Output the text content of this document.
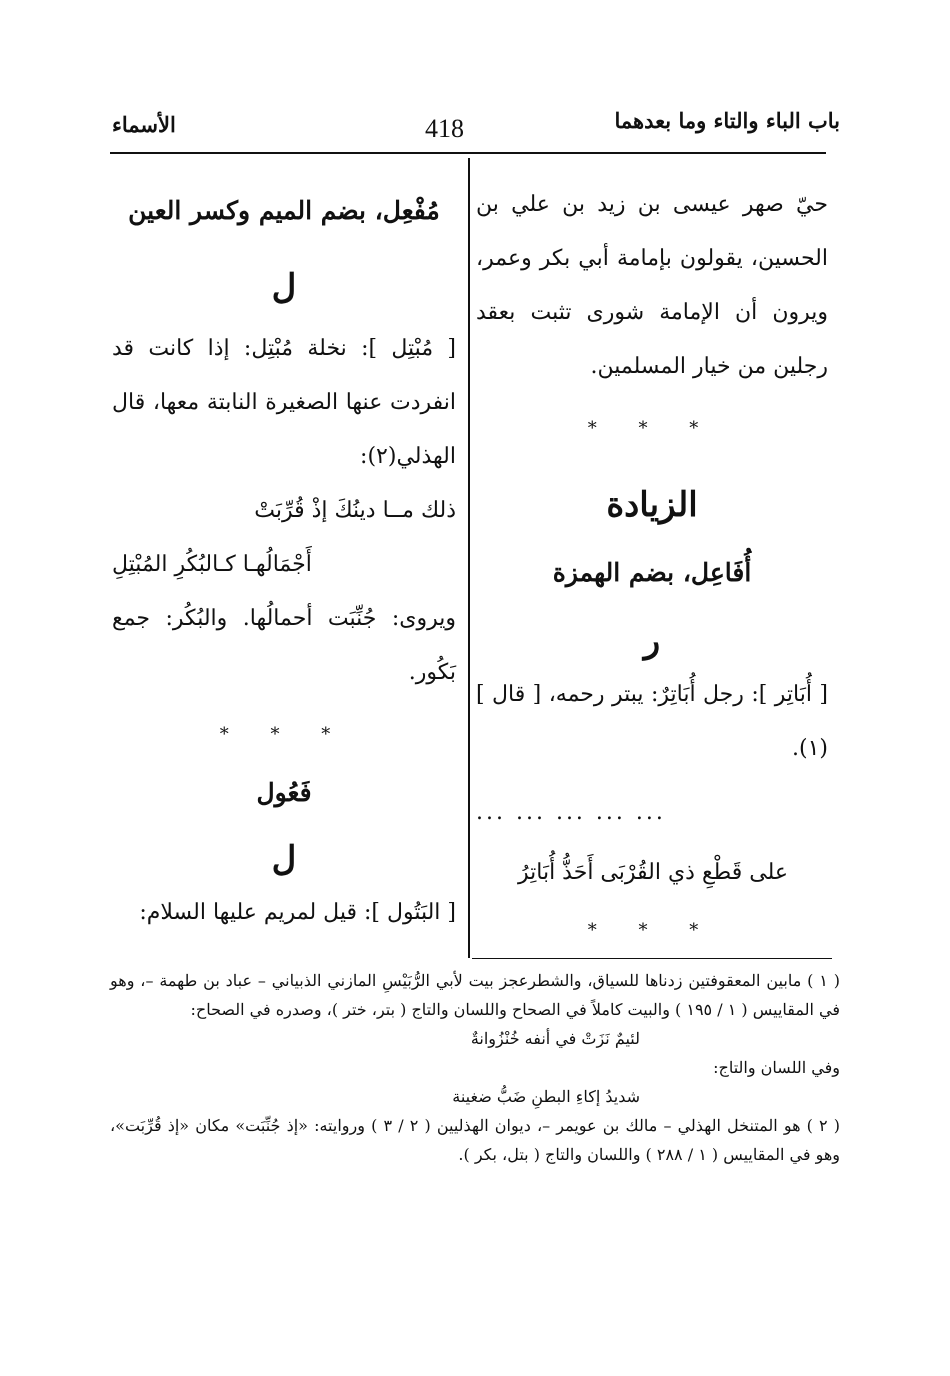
باب الباء والتاء وما بعدهما
418
الأسماء

حيّ صهر عيسى بن زيد بن علي بن الحسين، يقولون بإمامة أبي بكر وعمر، ويرون أن الإمامة شورى تثبت بعقد رجلين من خيار المسلمين.

* * *

الزيادة

أُفَاعِل، بضم الهمزة

ر

[ أُبَاتِر ]: رجل أُبَاتِرٌ: يبتر رحمه، [ قال ](١).

... ... ... ... ...

على قَطْعِ ذي القُرْبَى أَحَذُّ أُبَاتِرُ

* * *

مُفْعِل، بضم الميم وكسر العين

ل

[ مُبْتِل ]: نخلة مُبْتِل: إذا كانت قد انفردت عنها الصغيرة النابتة معها، قال الهذلي(٢):

ذلك مــا دينُكَ إذْ قُرِّبَتْ

أَجْمَالُهـا كـالبُكُرِ المُبْتِلِ

ويروى: جُنِّبَت أحمالُها. والبُكُر: جمع بَكُور.

* * *

فَعُول

ل

[ البَتُول ]: قيل لمريم عليها السلام:

( ١ ) مابين المعقوفتين زدناها للسياق، والشطرعجز بيت لأبي الرُّبَيْسِ المازني الذبياني – عباد بن طهمة –، وهو في المقاييس ( ١ / ١٩٥ ) والبيت كاملاً في الصحاح واللسان والتاج ( بتر، ختر )، وصدره في الصحاح:

لئيمٌ نَزَتْ في أنفه خُنْزُوانةٌ

وفي اللسان والتاج:

شديدُ إكاءِ البطنِ ضَبُّ ضغينة

( ٢ ) هو المتنخل الهذلي – مالك بن عويمر –، ديوان الهذليين ( ٢ / ٣ ) وروايته: «إذ جُنِّبَت» مكان «إذ قُرِّبَت»، وهو في المقاييس ( ١ / ٢٨٨ ) واللسان والتاج ( بتل، بكر ).
